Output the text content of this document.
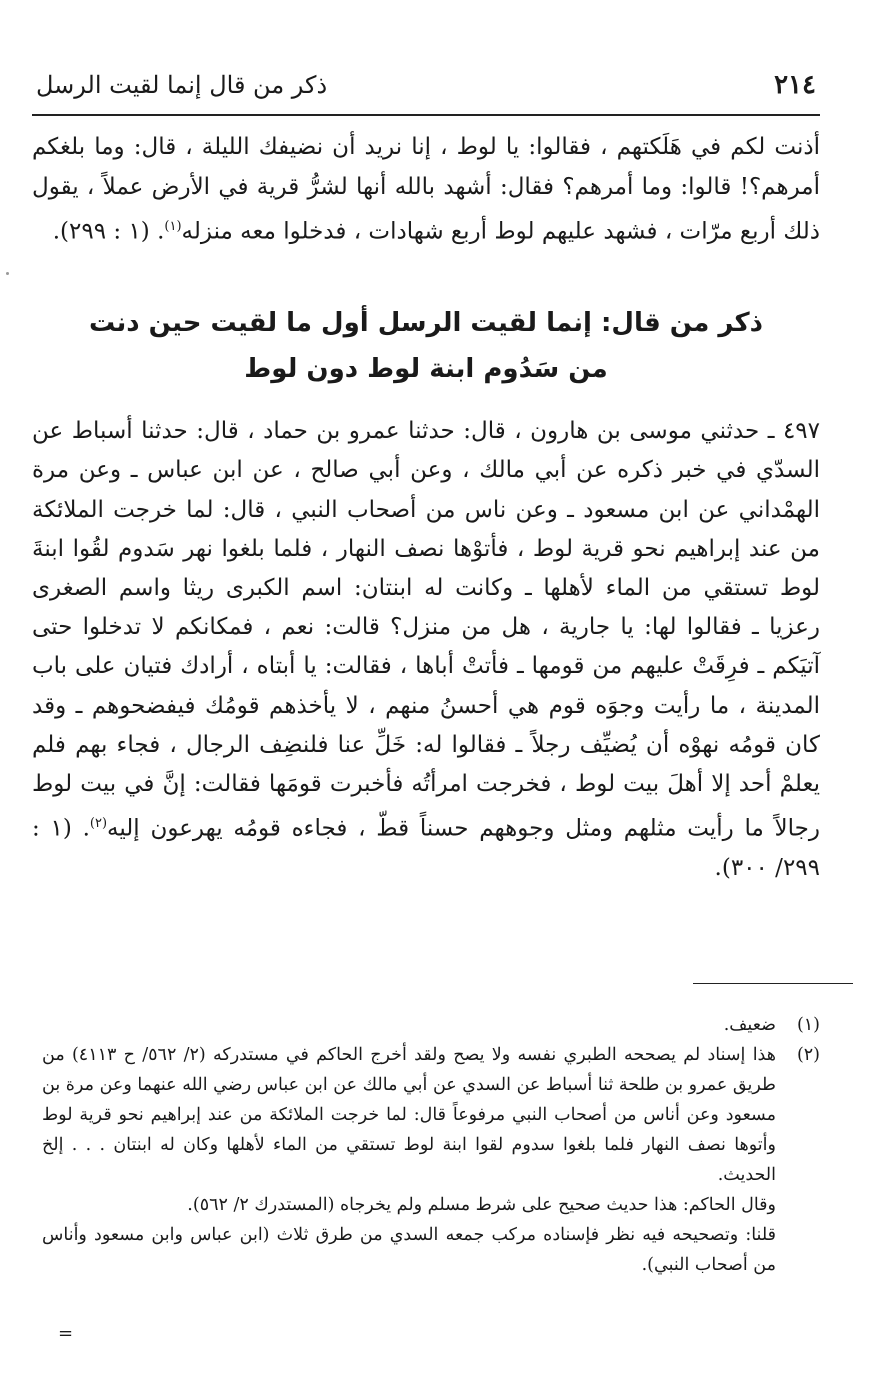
٢١٤
ذكر من قال إنما لقيت الرسل

أذنت لكم في هَلَكتهم ، فقالوا: يا لوط ، إنا نريد أن نضيفك الليلة ، قال: وما بلغكم أمرهم؟! قالوا: وما أمرهم؟ فقال: أشهد بالله أنها لشرُّ قرية في الأرض عملاً ، يقول ذلك أربع مرّات ، فشهد عليهم لوط أربع شهادات ، فدخلوا معه منزله$^{(١)}$. (١ : ٢٩٩).

ذكر من قال: إنما لقيت الرسل أول ما لقيت حين دنت
من سَدُوم ابنة لوط دون لوط

٤٩٧ ـ حدثني موسى بن هارون ، قال: حدثنا عمرو بن حماد ، قال: حدثنا أسباط عن السدّي في خبر ذكره عن أبي مالك ، وعن أبي صالح ، عن ابن عباس ـ وعن مرة الهمْداني عن ابن مسعود ـ وعن ناس من أصحاب النبي ، قال: لما خرجت الملائكة من عند إبراهيم نحو قرية لوط ، فأتوْها نصف النهار ، فلما بلغوا نهر سَدوم لقُوا ابنةَ لوط تستقي من الماء لأهلها ـ وكانت له ابنتان: اسم الكبرى ريثا واسم الصغرى رعزيا ـ فقالوا لها: يا جارية ، هل من منزل؟ قالت: نعم ، فمكانكم لا تدخلوا حتى آتيَكم ـ فرِقَتْ عليهم من قومها ـ فأتتْ أباها ، فقالت: يا أبتاه ، أرادك فتيان على باب المدينة ، ما رأيت وجوَه قوم هي أحسنُ منهم ، لا يأخذهم قومُك فيفضحوهم ـ وقد كان قومُه نهوْه أن يُضيِّف رجلاً ـ فقالوا له: خَلِّ عنا فلنضِف الرجال ، فجاء بهم فلم يعلمْ أحد إلا أهلَ بيت لوط ، فخرجت امرأتُه فأخبرت قومَها فقالت: إنَّ في بيت لوط رجالاً ما رأيت مثلهم ومثل وجوههم حسناً قطّ ، فجاءه قومُه يهرعون إليه$^{(٢)}$. (١ : ٢٩٩/ ٣٠٠).

(١)
ضعيف.
(٢)
هذا إسناد لم يصححه الطبري نفسه ولا يصح ولقد أخرج الحاكم في مستدركه (٢/ ٥٦٢/ ح ٤١١٣) من طريق عمرو بن طلحة ثنا أسباط عن السدي عن أبي مالك عن ابن عباس رضي الله عنهما وعن مرة بن مسعود وعن أناس من أصحاب النبي مرفوعاً قال: لما خرجت الملائكة من عند إبراهيم نحو قرية لوط وأتوها نصف النهار فلما بلغوا سدوم لقوا ابنة لوط تستقي من الماء لأهلها وكان له ابنتان . . . إلخ الحديث.
وقال الحاكم: هذا حديث صحيح على شرط مسلم ولم يخرجاه (المستدرك ٢/ ٥٦٢).
قلنا: وتصحيحه فيه نظر فإسناده مركب جمعه السدي من طرق ثلاث (ابن عباس وابن مسعود وأناس من أصحاب النبي).
=
